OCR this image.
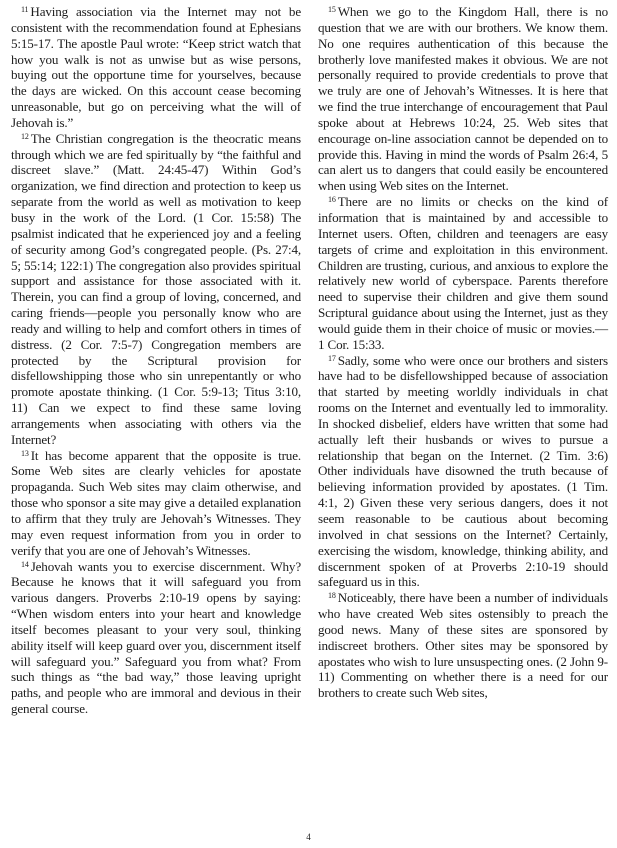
$^{11}$ Having association via the Internet may not be consistent with the recommendation found at Ephesians 5:15-17. The apostle Paul wrote: “Keep strict watch that how you walk is not as unwise but as wise persons, buying out the opportune time for yourselves, because the days are wicked. On this account cease becoming unreasonable, but go on perceiving what the will of Jehovah is.”

$^{12}$ The Christian congregation is the theocratic means through which we are fed spiritually by “the faithful and discreet slave.” (Matt. 24:45-47) Within God’s organization, we find direction and protection to keep us separate from the world as well as motivation to keep busy in the work of the Lord. (1 Cor. 15:58) The psalmist indicated that he experienced joy and a feeling of security among God’s congregated people. (Ps. 27:4, 5; 55:14; 122:1) The congregation also provides spiritual support and assistance for those associated with it. Therein, you can find a group of loving, concerned, and caring friends—people you personally know who are ready and willing to help and comfort others in times of distress. (2 Cor. 7:5-7) Congregation members are protected by the Scriptural provision for disfellowshipping those who sin unrepentantly or who promote apostate thinking. (1 Cor. 5:9-13; Titus 3:10, 11) Can we expect to find these same loving arrangements when associating with others via the Internet?

$^{13}$ It has become apparent that the opposite is true. Some Web sites are clearly vehicles for apostate propaganda. Such Web sites may claim otherwise, and those who sponsor a site may give a detailed explanation to affirm that they truly are Jehovah’s Witnesses. They may even request information from you in order to verify that you are one of Jehovah’s Witnesses.

$^{14}$ Jehovah wants you to exercise discernment. Why? Because he knows that it will safeguard you from various dangers. Proverbs 2:10-19 opens by saying: “When wisdom enters into your heart and knowledge itself becomes pleasant to your very soul, thinking ability itself will keep guard over you, discernment itself will safeguard you.” Safeguard you from what? From such things as “the bad way,” those leaving upright paths, and people who are immoral and devious in their general course.

$^{15}$ When we go to the Kingdom Hall, there is no question that we are with our brothers. We know them. No one requires authentication of this because the brotherly love manifested makes it obvious. We are not personally required to provide credentials to prove that we truly are one of Jehovah’s Witnesses. It is here that we find the true interchange of encouragement that Paul spoke about at Hebrews 10:24, 25. Web sites that encourage on-line association cannot be depended on to provide this. Having in mind the words of Psalm 26:4, 5 can alert us to dangers that could easily be encountered when using Web sites on the Internet.

$^{16}$ There are no limits or checks on the kind of information that is maintained by and accessible to Internet users. Often, children and teenagers are easy targets of crime and exploitation in this environment. Children are trusting, curious, and anxious to explore the relatively new world of cyberspace. Parents therefore need to supervise their children and give them sound Scriptural guidance about using the Internet, just as they would guide them in their choice of music or movies.—1 Cor. 15:33.

$^{17}$ Sadly, some who were once our brothers and sisters have had to be disfellowshipped because of association that started by meeting worldly individuals in chat rooms on the Internet and eventually led to immorality. In shocked disbelief, elders have written that some had actually left their husbands or wives to pursue a relationship that began on the Internet. (2 Tim. 3:6) Other individuals have disowned the truth because of believing information provided by apostates. (1 Tim. 4:1, 2) Given these very serious dangers, does it not seem reasonable to be cautious about becoming involved in chat sessions on the Internet? Certainly, exercising the wisdom, knowledge, thinking ability, and discernment spoken of at Proverbs 2:10-19 should safeguard us in this.

$^{18}$ Noticeably, there have been a number of individuals who have created Web sites ostensibly to preach the good news. Many of these sites are sponsored by indiscreet brothers. Other sites may be sponsored by apostates who wish to lure unsuspecting ones. (2 John 9-11) Commenting on whether there is a need for our brothers to create such Web sites,

4
